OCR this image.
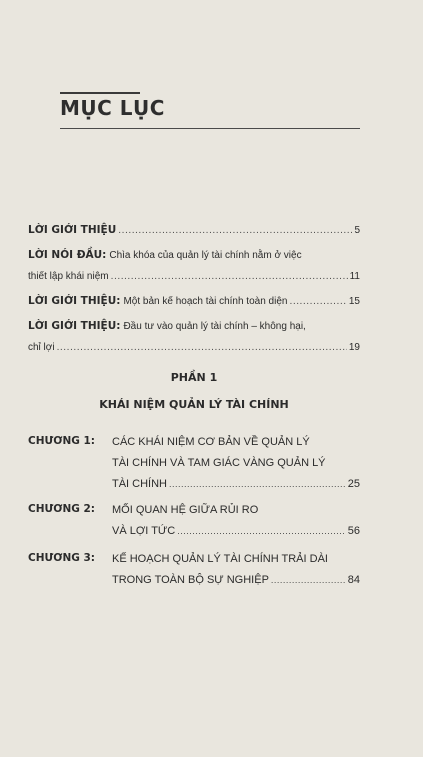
MỤC LỤC
LỜI GIỚI THIỆU .....	5
LỜI NÓI ĐẦU: Chìa khóa của quản lý tài chính nằm ở việc
thiết lập khái niệm .....	11
LỜI GIỚI THIỆU: Một bản kế hoạch tài chính toàn diện .....	15
LỜI GIỚI THIỆU: Đầu tư vào quản lý tài chính – không hại,
chỉ lợi .....	19
PHẦN 1
KHÁI NIỆM QUẢN LÝ TÀI CHÍNH
CHƯƠNG 1: CÁC KHÁI NIỆM CƠ BẢN VỀ QUẢN LÝ
TÀI CHÍNH VÀ TAM GIÁC VÀNG QUẢN LÝ
TÀI CHÍNH .....	25
CHƯƠNG 2: MỐI QUAN HỆ GIỮA RỦI RO
VÀ LỢI TỨC .....	56
CHƯƠNG 3: KẾ HOẠCH QUẢN LÝ TÀI CHÍNH TRẢI DÀI
TRONG TOÀN BỘ SỰ NGHIỆP .....	84
